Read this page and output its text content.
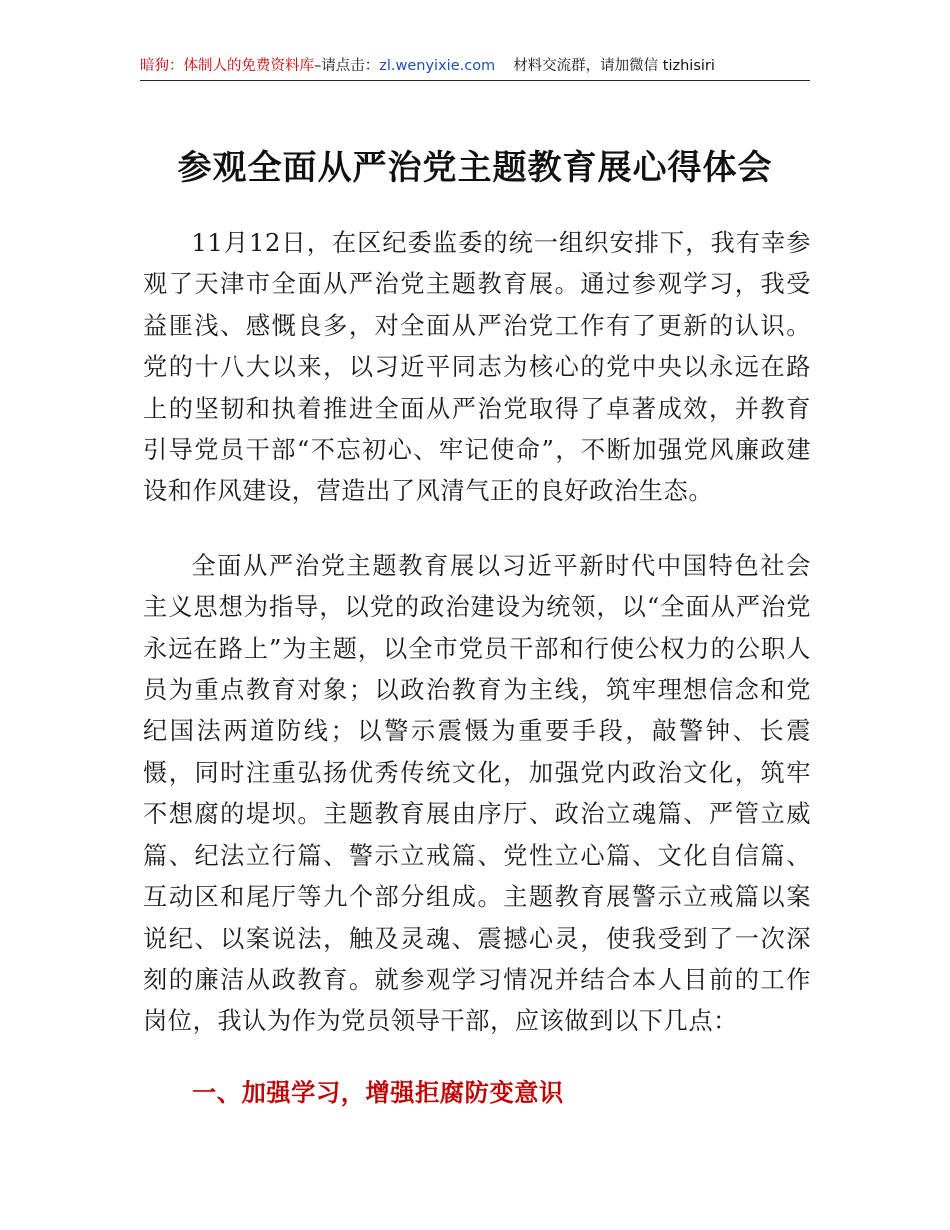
暗狗：体制人的免费资料库–请点击：zl.wenyixie.com 材料交流群，请加微信 tizhisiri
参观全面从严治党主题教育展心得体会

11月12日，在区纪委监委的统一组织安排下，我有幸参观了天津市全面从严治党主题教育展。通过参观学习，我受益匪浅、感慨良多，对全面从严治党工作有了更新的认识。党的十八大以来，以习近平同志为核心的党中央以永远在路上的坚韧和执着推进全面从严治党取得了卓著成效，并教育引导党员干部“不忘初心、牢记使命”，不断加强党风廉政建设和作风建设，营造出了风清气正的良好政治生态。

全面从严治党主题教育展以习近平新时代中国特色社会主义思想为指导，以党的政治建设为统领，以“全面从严治党永远在路上”为主题，以全市党员干部和行使公权力的公职人员为重点教育对象；以政治教育为主线，筑牢理想信念和党纪国法两道防线；以警示震慑为重要手段，敲警钟、长震慑，同时注重弘扬优秀传统文化，加强党内政治文化，筑牢不想腐的堤坝。主题教育展由序厅、政治立魂篇、严管立威篇、纪法立行篇、警示立戒篇、党性立心篇、文化自信篇、互动区和尾厅等九个部分组成。主题教育展警示立戒篇以案说纪、以案说法，触及灵魂、震撼心灵，使我受到了一次深刻的廉洁从政教育。就参观学习情况并结合本人目前的工作岗位，我认为作为党员领导干部，应该做到以下几点：

一、加强学习，增强拒腐防变意识
